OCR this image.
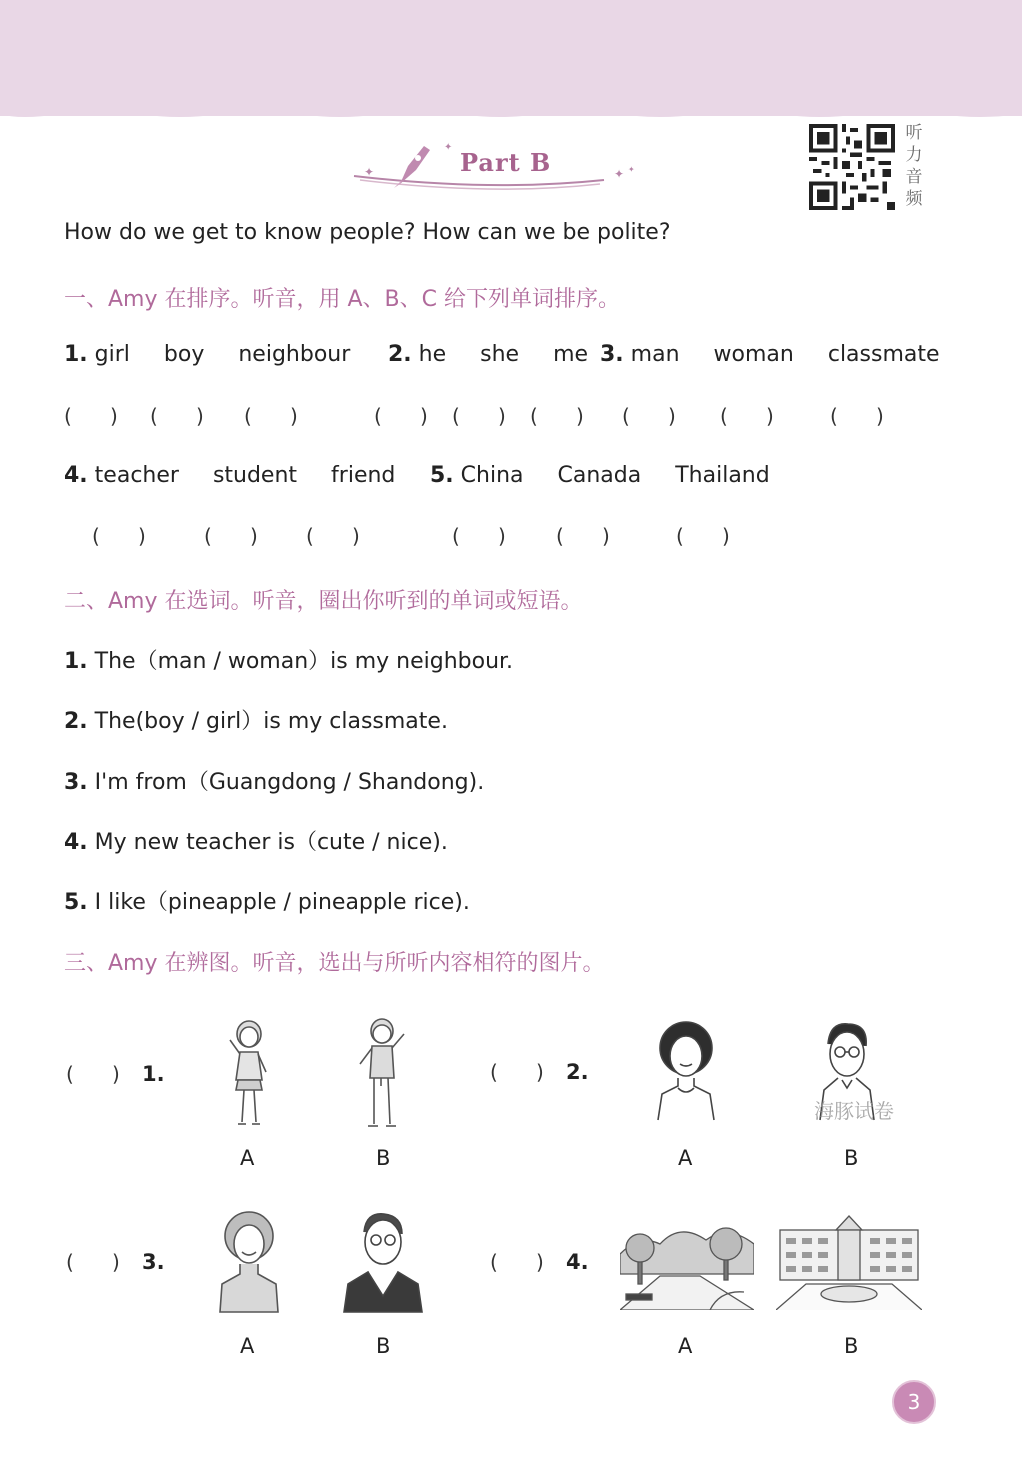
✦
✦
✦ ✦
Part B
听力音频
How do we get to know people? How can we be polite?
一、Amy 在排序。听音，用 A、B、C 给下列单词排序。
1. girl boy neighbour 2. he she me 3. man woman classmate
(      ) (      ) (      )	(      ) (      ) (      ) (      ) (      )	(      )
4. teacher student friend 5. China Canada Thailand
(      )	(      ) (      )	(      )	(      )	(      )
二、Amy 在选词。听音，圈出你听到的单词或短语。
1. The（man / woman）is my neighbour.
2. The(boy / girl）is my classmate.
3. I'm from（Guangdong / Shandong).
4. My new teacher is（cute / nice).
5. I like（pineapple / pineapple rice).
三、Amy 在辨图。听音，选出与所听内容相符的图片。
(      ) 1.
A	B
(      ) 2.
A	B
海豚试卷
(      ) 3.
A	B
(      ) 4.
A	B
3
